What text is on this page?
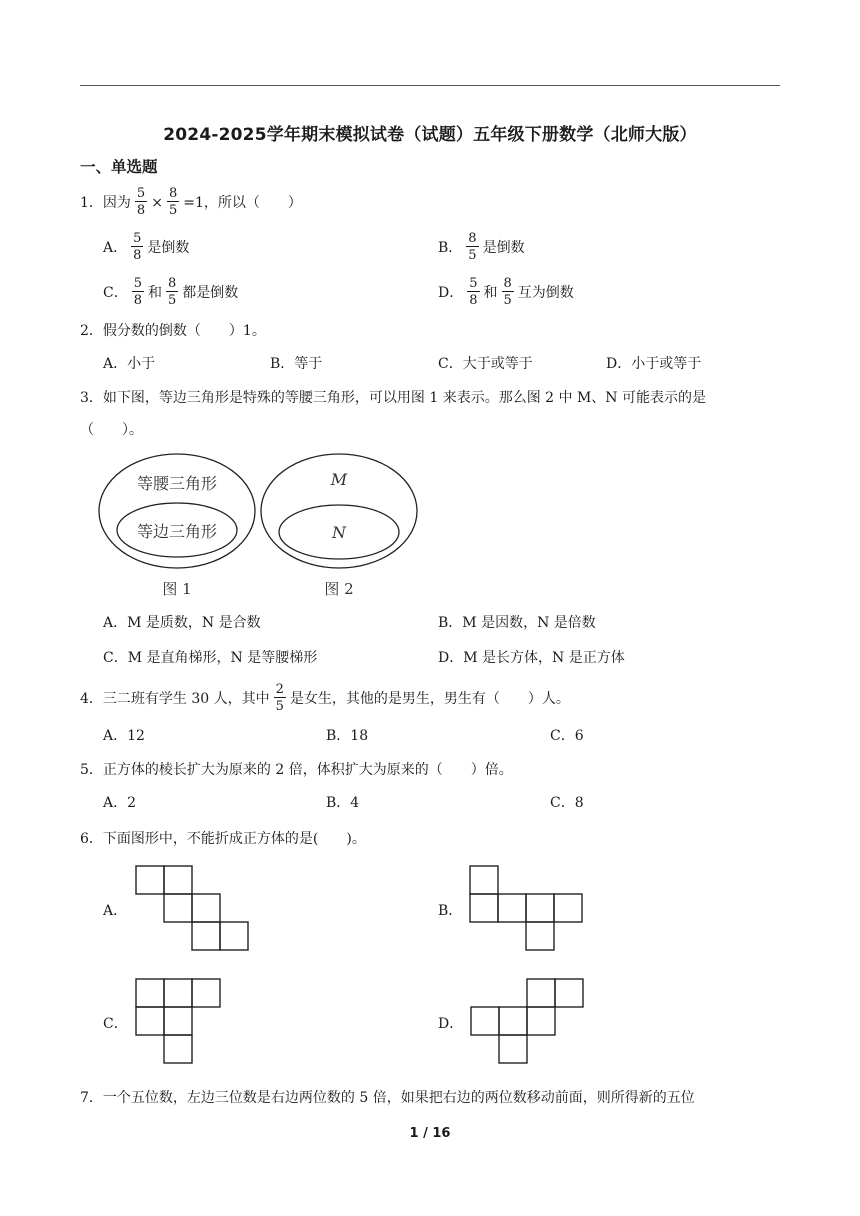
2024-2025学年期末模拟试卷（试题）五年级下册数学（北师大版）
一、单选题
1．因为 $\frac{5}{8} \times \frac{8}{5} =1$，所以（　　）
A． $\frac{5}{8}$ 是倒数	B． $\frac{8}{5}$ 是倒数
C． $\frac{5}{8}$ 和 $\frac{8}{5}$ 都是倒数	D． $\frac{5}{8}$ 和 $\frac{8}{5}$ 互为倒数
2．假分数的倒数（　　）1。
A．小于	B．等于	C．大于或等于	D．小于或等于
3．如下图，等边三角形是特殊的等腰三角形，可以用图 1 来表示。那么图 2 中 M、N 可能表示的是
（　　）。
等腰三角形
等边三角形
图 1
M
N
图 2
A．M 是质数，N 是合数	B．M 是因数，N 是倍数
C．M 是直角梯形，N 是等腰梯形	D．M 是长方体，N 是正方体
4．三二班有学生 30 人，其中 $\frac{2}{5}$ 是女生，其他的是男生，男生有（　　）人。
A．12	B．18	C．6
5．正方体的棱长扩大为原来的 2 倍，体积扩大为原来的（　　）倍。
A．2	B．4	C．8
6．下面图形中，不能折成正方体的是(　　)。
A．	B．
C．	D．
7．一个五位数，左边三位数是右边两位数的 5 倍，如果把右边的两位数移动前面，则所得新的五位
1 / 16
